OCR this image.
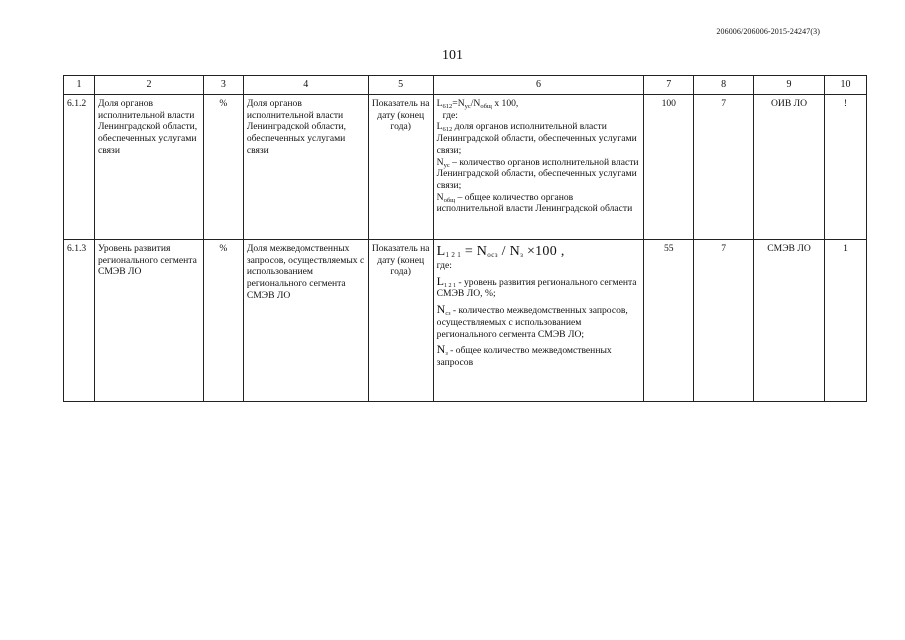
206006/206006-2015-24247(3)
101
1	2	3	4	5	6	7	8	9	10
6.1.2	Доля органов исполнительной власти Ленинградской области, обеспеченных услугами связи	%	Доля органов исполнительной власти Ленинградской области, обеспеченных услугами связи	Показатель на дату (конец года)	$L_{612}=N_{ус}/N_{общ}$ x 100,
где:
$L_{612}$ доля органов исполнительной власти Ленинградской области, обеспеченных услугами связи;
$N_{ус}$ – количество органов исполнительной власти Ленинградской области, обеспеченных услугами связи;
$N_{общ}$ – общее количество органов исполнительной власти Ленинградской области	100	7	ОИВ ЛО	!
6.1.3	Уровень развития регионального сегмента СМЭВ ЛО	%	Доля межведомственных запросов, осуществляемых с использованием регионального сегмента СМЭВ ЛО	Показатель на дату (конец года)	$L_{1 2 1} = N_{осз} / N_з \times 100$ ,
где:
$L_{1 2 1}$ - уровень развития регионального сегмента СМЭВ ЛО, %;
$N_{сз}$ - количество межведомственных запросов, осуществляемых с использованием регионального сегмента СМЭВ ЛО;
$N_з$ - общее количество межведомственных запросов	55	7	СМЭВ ЛО	1
